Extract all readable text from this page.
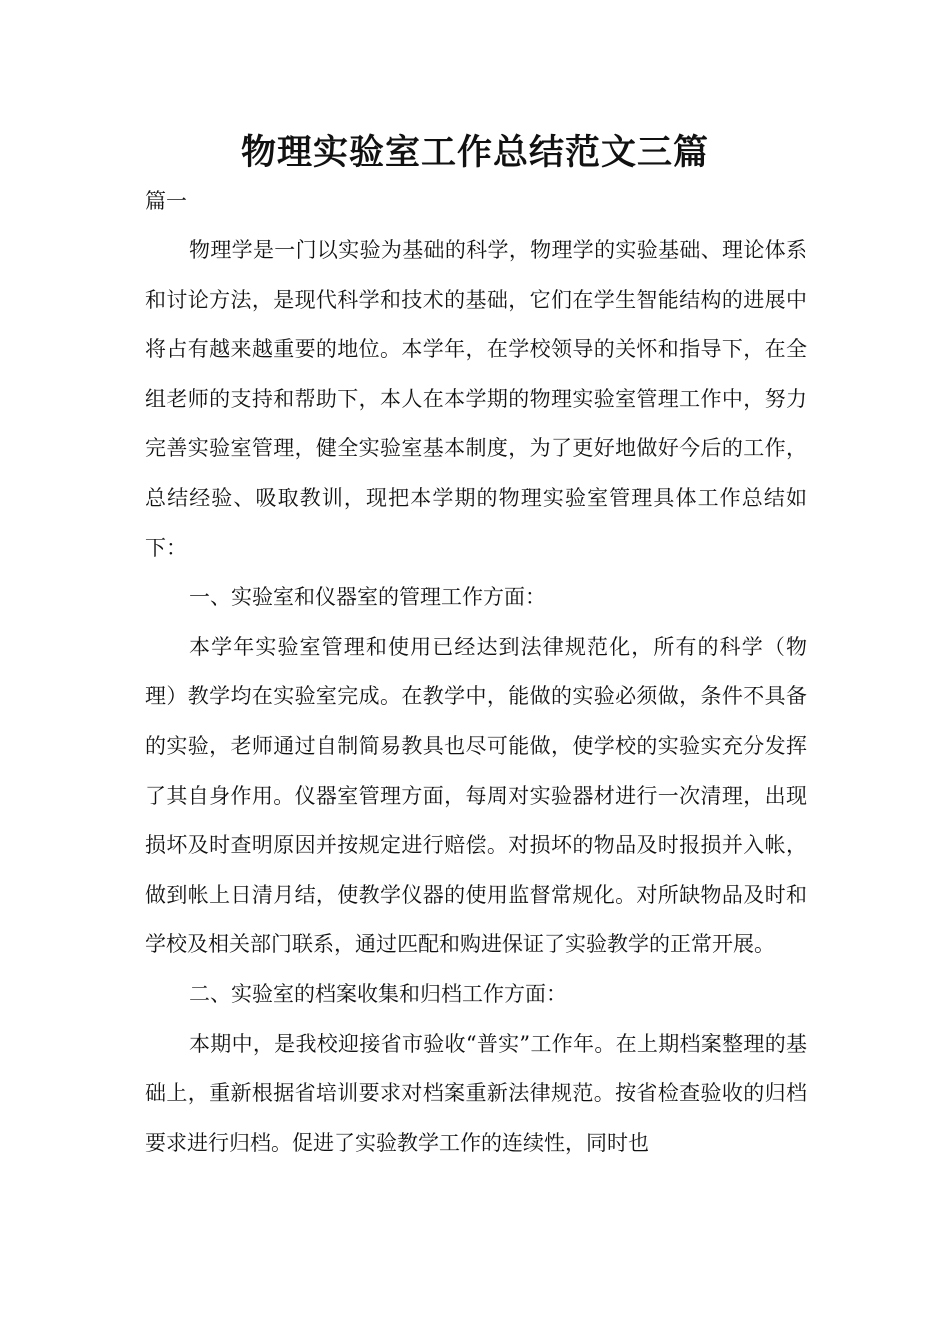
物理实验室工作总结范文三篇

篇一

物理学是一门以实验为基础的科学，物理学的实验基础、理论体系和讨论方法，是现代科学和技术的基础，它们在学生智能结构的进展中将占有越来越重要的地位。本学年，在学校领导的关怀和指导下，在全组老师的支持和帮助下，本人在本学期的物理实验室管理工作中，努力完善实验室管理，健全实验室基本制度，为了更好地做好今后的工作，总结经验、吸取教训，现把本学期的物理实验室管理具体工作总结如下：

一、实验室和仪器室的管理工作方面：

本学年实验室管理和使用已经达到法律规范化，所有的科学（物理）教学均在实验室完成。在教学中，能做的实验必须做，条件不具备的实验，老师通过自制简易教具也尽可能做，使学校的实验实充分发挥了其自身作用。仪器室管理方面，每周对实验器材进行一次清理，出现损坏及时查明原因并按规定进行赔偿。对损坏的物品及时报损并入帐，做到帐上日清月结，使教学仪器的使用监督常规化。对所缺物品及时和学校及相关部门联系，通过匹配和购进保证了实验教学的正常开展。

二、实验室的档案收集和归档工作方面：

本期中，是我校迎接省市验收“普实”工作年。在上期档案整理的基础上，重新根据省培训要求对档案重新法律规范。按省检查验收的归档要求进行归档。促进了实验教学工作的连续性，同时也
